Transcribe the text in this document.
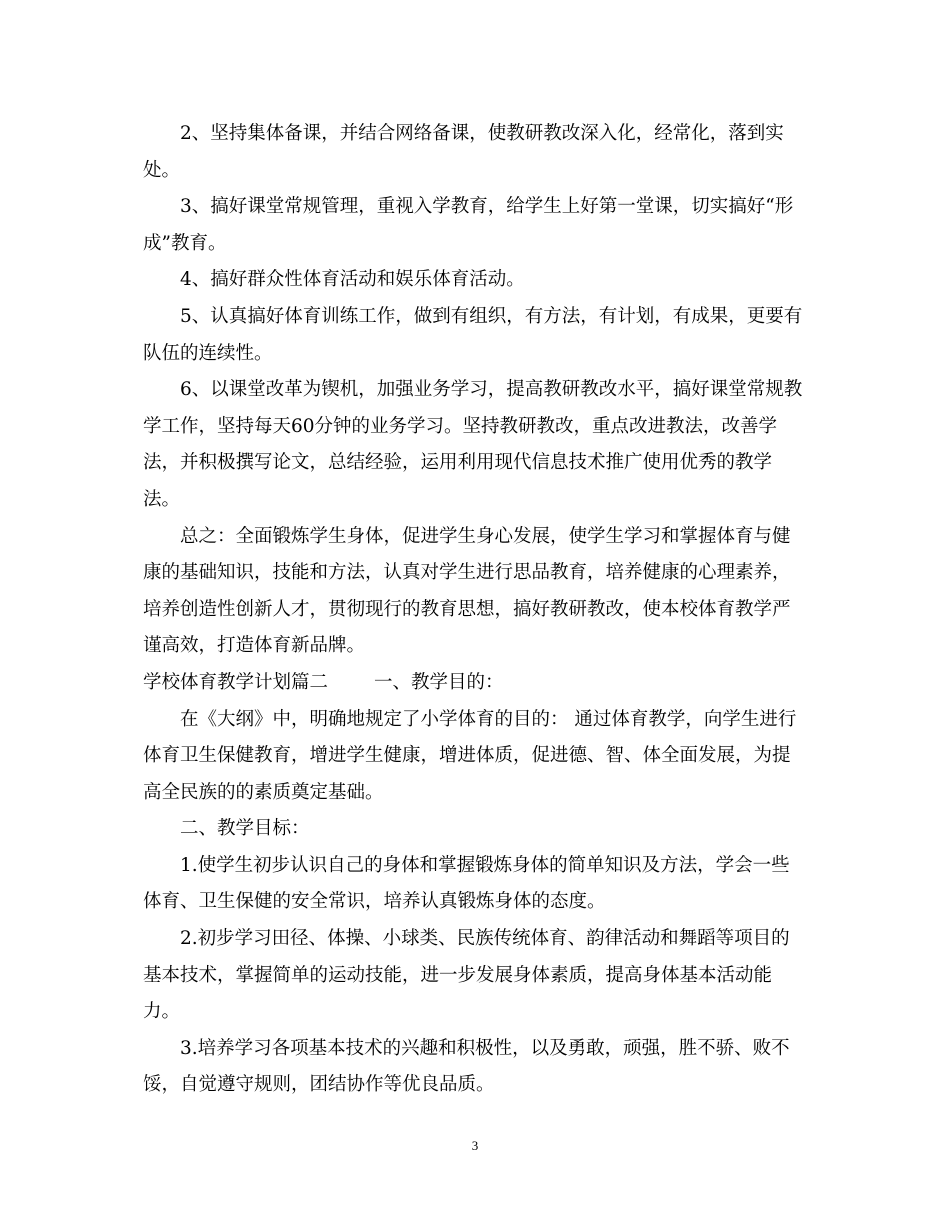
2、坚持集体备课，并结合网络备课，使教研教改深入化，经常化，落到实处。

3、搞好课堂常规管理，重视入学教育，给学生上好第一堂课，切实搞好“形成”教育。

4、搞好群众性体育活动和娱乐体育活动。

5、认真搞好体育训练工作，做到有组织，有方法，有计划，有成果，更要有队伍的连续性。

6、以课堂改革为锲机，加强业务学习，提高教研教改水平，搞好课堂常规教学工作，坚持每天60分钟的业务学习。坚持教研教改，重点改进教法，改善学法，并积极撰写论文，总结经验，运用利用现代信息技术推广使用优秀的教学法。

总之：全面锻炼学生身体，促进学生身心发展，使学生学习和掌握体育与健康的基础知识，技能和方法，认真对学生进行思品教育，培养健康的心理素养，培养创造性创新人才，贯彻现行的教育思想，搞好教研教改，使本校体育教学严谨高效，打造体育新品牌。

学校体育教学计划篇二 一、教学目的：

在《大纲》中，明确地规定了小学体育的目的： 通过体育教学，向学生进行体育卫生保健教育，增进学生健康，增进体质，促进德、智、体全面发展，为提高全民族的的素质奠定基础。

二、教学目标：

1.使学生初步认识自己的身体和掌握锻炼身体的简单知识及方法，学会一些体育、卫生保健的安全常识，培养认真锻炼身体的态度。

2.初步学习田径、体操、小球类、民族传统体育、韵律活动和舞蹈等项目的基本技术，掌握简单的运动技能，进一步发展身体素质，提高身体基本活动能力。

3.培养学习各项基本技术的兴趣和积极性，以及勇敢，顽强，胜不骄、败不馁，自觉遵守规则，团结协作等优良品质。

3
